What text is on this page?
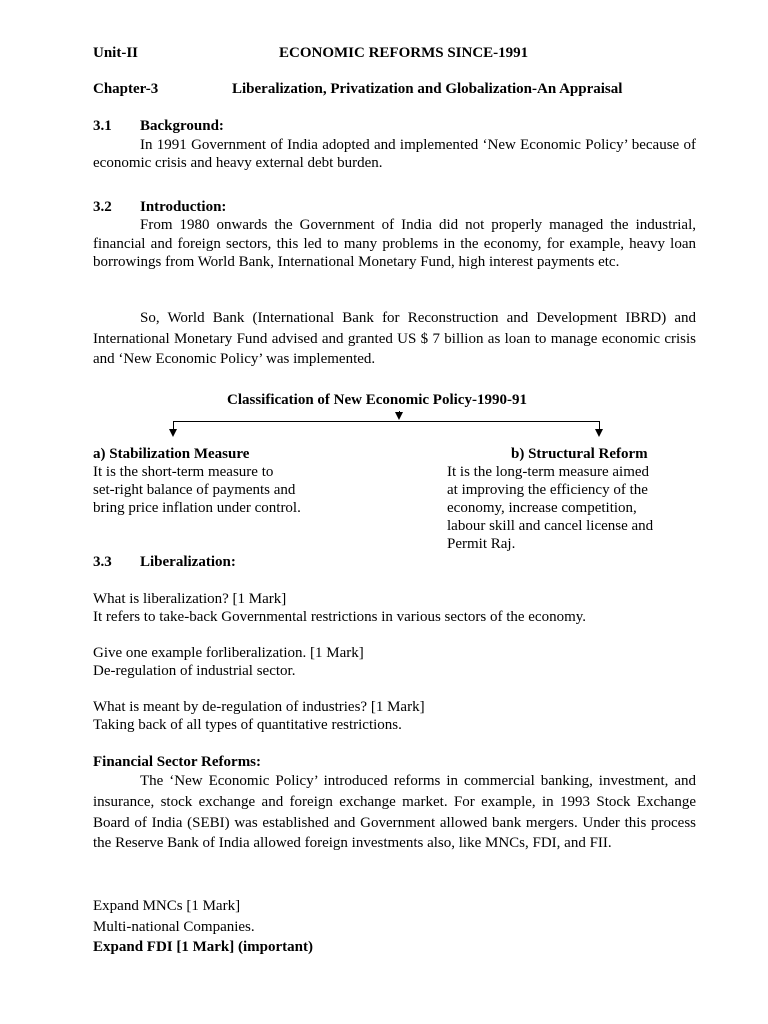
Unit-II	ECONOMIC REFORMS SINCE-1991
Chapter-3	Liberalization, Privatization and Globalization-An Appraisal
3.1 Background:
In 1991 Government of India adopted and implemented ‘New Economic Policy’ because of economic crisis and heavy external debt burden.
3.2 Introduction:
From 1980 onwards the Government of India did not properly managed the industrial, financial and foreign sectors, this led to many problems in the economy, for example, heavy loan borrowings from World Bank, International Monetary Fund, high interest payments etc.
So, World Bank (International Bank for Reconstruction and Development IBRD) and International Monetary Fund advised and granted US $ 7 billion as loan to manage economic crisis and ‘New Economic Policy’ was implemented.
Classification of New Economic Policy-1990-91
a) Stabilization Measure
It is the short-term measure to
set-right balance of payments and
bring price inflation under control.
b) Structural Reform
It is the long-term measure aimed
at improving the efficiency of the
economy, increase competition,
labour skill and cancel license and
Permit Raj.
3.3 Liberalization:
What is liberalization? [1 Mark]
It refers to take-back Governmental restrictions in various sectors of the economy.
Give one example forliberalization. [1 Mark]
De-regulation of industrial sector.
What is meant by de-regulation of industries? [1 Mark]
Taking back of all types of quantitative restrictions.
Financial Sector Reforms:
The ‘New Economic Policy’ introduced reforms in commercial banking, investment, and insurance, stock exchange and foreign exchange market. For example, in 1993 Stock Exchange Board of India (SEBI) was established and Government allowed bank mergers. Under this process the Reserve Bank of India allowed foreign investments also, like MNCs, FDI, and FII.
Expand MNCs [1 Mark]
Multi-national Companies.
Expand FDI [1 Mark] (important)
